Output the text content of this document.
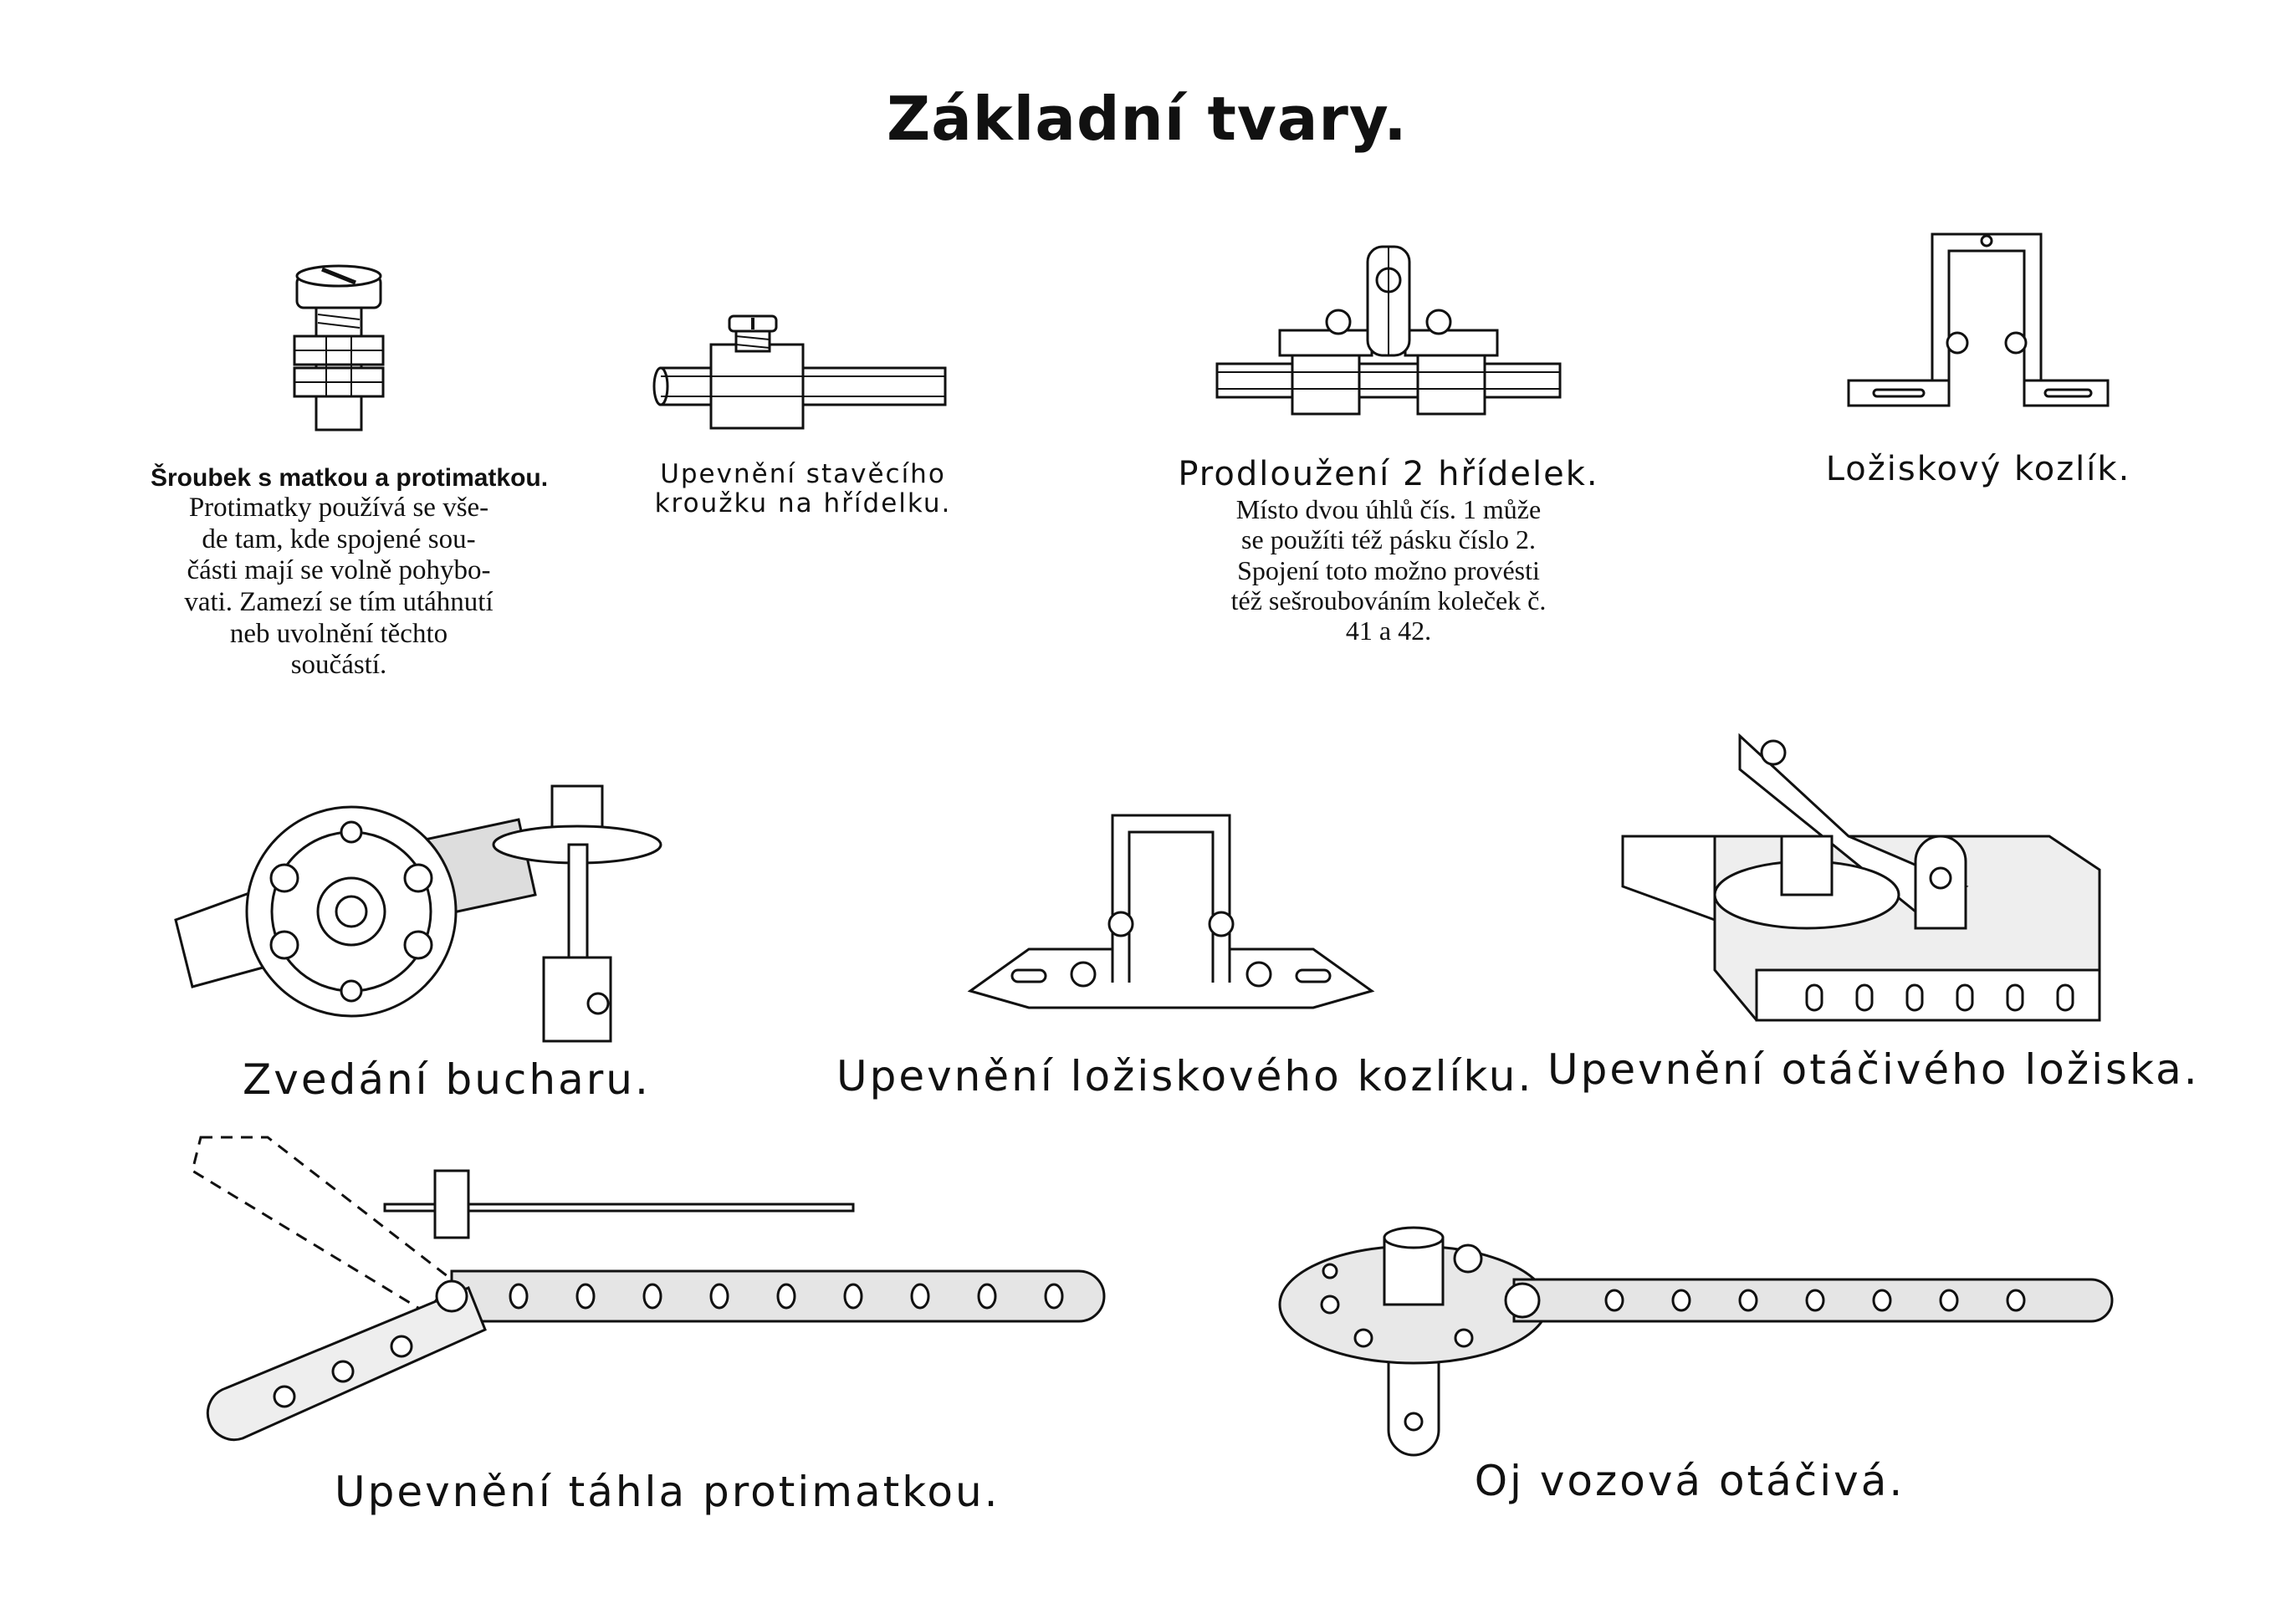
Základní tvary.
Šroubek s matkou a protimatkou.
Protimatky používá se vše-
de tam, kde spojené sou-
části mají se volně pohybo-
vati. Zamezí se tím utáhnutí
neb uvolnění těchto
součástí.
Upevnění stavěcího
kroužku na hřídelku.
Prodloužení 2 hřídelek.
Místo dvou úhlů čís. 1 může
se použíti též pásku číslo 2.
Spojení toto možno provésti
též sešroubováním koleček č.
41 a 42.
Ložiskový kozlík.
Zvedání bucharu.	Upevnění ložiskového kozlíku. Upevnění otáčivého ložiska.
Upevnění táhla protimatkou.	Oj vozová otáčivá.
